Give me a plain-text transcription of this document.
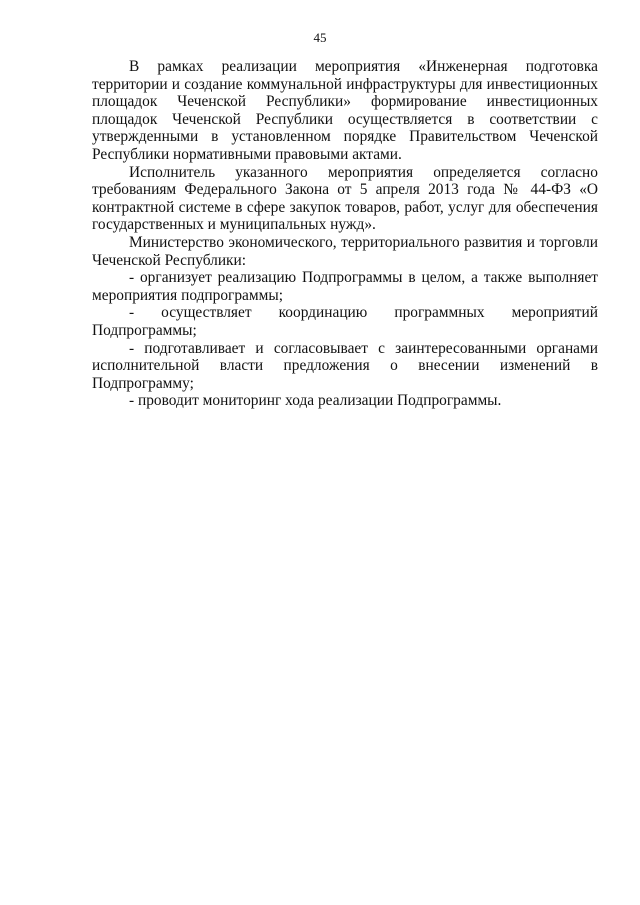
45

В рамках реализации мероприятия «Инженерная подготовка территории и создание коммунальной инфраструктуры для инвестиционных площадок Чеченской Республики» формирование инвестиционных площадок Чеченской Республики осуществляется в соответствии с утвержденными в установленном порядке Правительством Чеченской Республики нормативными правовыми актами.

Исполнитель указанного мероприятия определяется согласно требованиям Федерального Закона от 5 апреля 2013 года № 44-ФЗ «О контрактной системе в сфере закупок товаров, работ, услуг для обеспечения государственных и муниципальных нужд».

Министерство экономического, территориального развития и торговли Чеченской Республики:

- организует реализацию Подпрограммы в целом, а также выполняет мероприятия подпрограммы;

- осуществляет координацию программных мероприятий Подпрограммы;

- подготавливает и согласовывает с заинтересованными органами исполнительной власти предложения о внесении изменений в Подпрограмму;

- проводит мониторинг хода реализации Подпрограммы.
